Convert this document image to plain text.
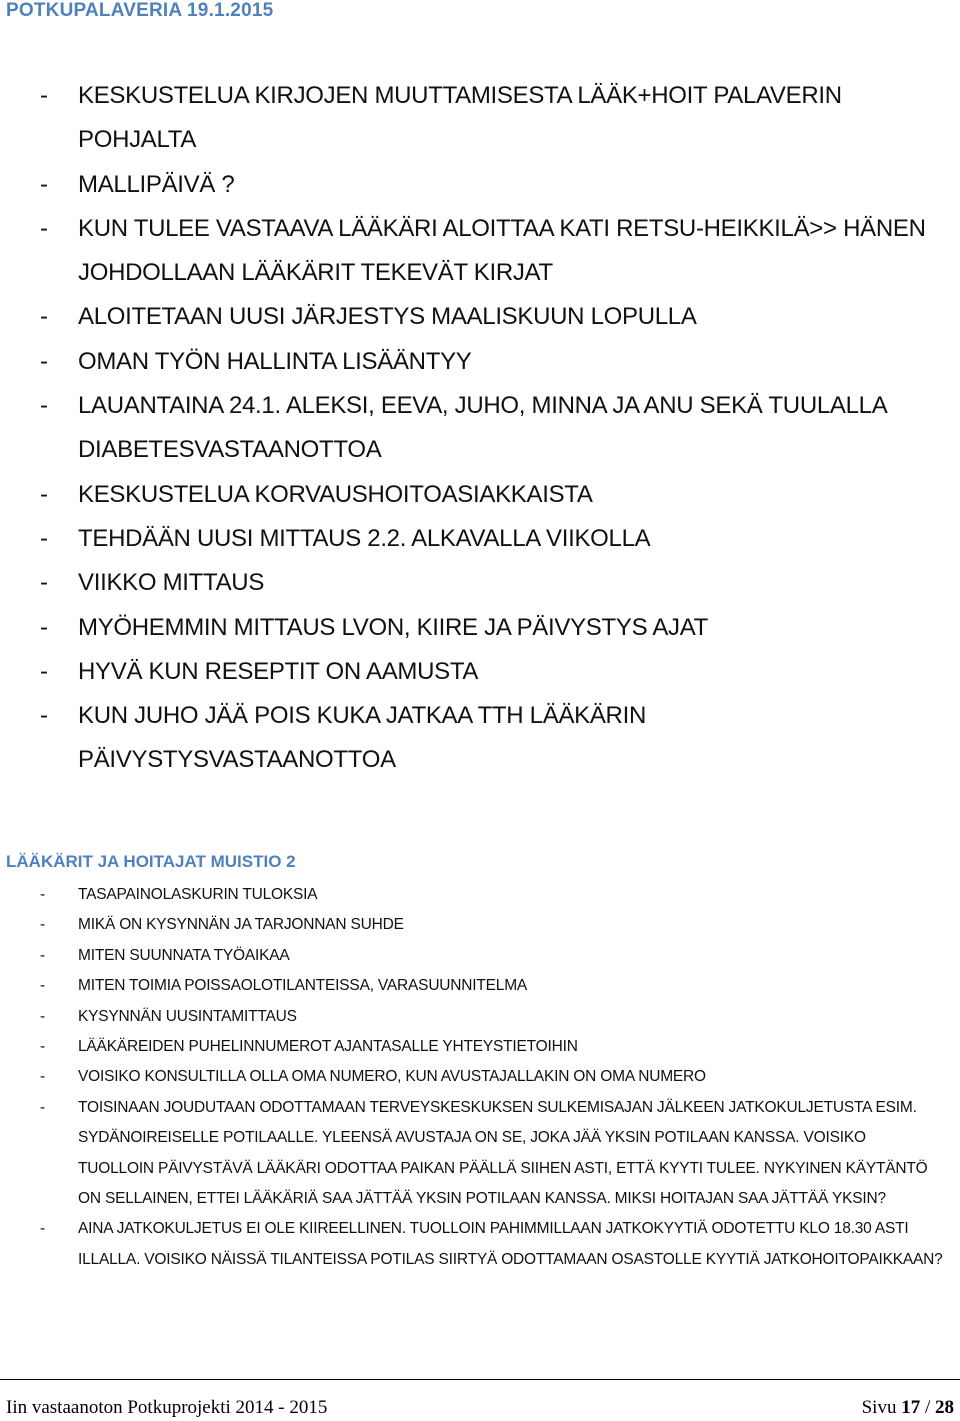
POTKUPALAVERIA 19.1.2015
- KESKUSTELUA KIRJOJEN MUUTTAMISESTA LÄÄK+HOIT PALAVERIN POHJALTA
- MALLIPÄIVÄ ?
- KUN TULEE VASTAAVA LÄÄKÄRI ALOITTAA KATI RETSU-HEIKKILÄ>> HÄNEN JOHDOLLAAN LÄÄKÄRIT TEKEVÄT KIRJAT
- ALOITETAAN UUSI JÄRJESTYS MAALISKUUN LOPULLA
- OMAN TYÖN HALLINTA LISÄÄNTYY
- LAUANTAINA 24.1. ALEKSI, EEVA, JUHO, MINNA JA ANU SEKÄ TUULALLA DIABETESVASTAANOTTOA
- KESKUSTELUA KORVAUSHOITOASIAKKAISTA
- TEHDÄÄN UUSI MITTAUS 2.2. ALKAVALLA VIIKOLLA
- VIIKKO MITTAUS
- MYÖHEMMIN MITTAUS LVON, KIIRE JA PÄIVYSTYS AJAT
- HYVÄ KUN RESEPTIT ON AAMUSTA
- KUN JUHO JÄÄ POIS KUKA JATKAA TTH LÄÄKÄRIN PÄIVYSTYSVASTAANOTTOA
LÄÄKÄRIT JA HOITAJAT MUISTIO 2
- TASAPAINOLASKURIN TULOKSIA
- MIKÄ ON KYSYNNÄN JA TARJONNAN SUHDE
- MITEN SUUNNATA TYÖAIKAA
- MITEN TOIMIA POISSAOLOTILANTEISSA, VARASUUNNITELMA
- KYSYNNÄN UUSINTAMITTAUS
- LÄÄKÄREIDEN PUHELINNUMEROT AJANTASALLE YHTEYSTIETOIHIN
- VOISIKO KONSULTILLA OLLA OMA NUMERO, KUN AVUSTAJALLAKIN ON OMA NUMERO
- TOISINAAN JOUDUTAAN ODOTTAMAAN TERVEYSKESKUKSEN SULKEMISAJAN JÄLKEEN JATKOKULJETUSTA ESIM. SYDÄNOIREISELLE POTILAALLE. YLEENSÄ AVUSTAJA ON SE, JOKA JÄÄ YKSIN POTILAAN KANSSA. VOISIKO TUOLLOIN PÄIVYSTÄVÄ LÄÄKÄRI ODOTTAA PAIKAN PÄÄLLÄ SIIHEN ASTI, ETTÄ KYYTI TULEE. NYKYINEN KÄYTÄNTÖ ON SELLAINEN, ETTEI LÄÄKÄRIÄ SAA JÄTTÄÄ YKSIN POTILAAN KANSSA. MIKSI HOITAJAN SAA JÄTTÄÄ YKSIN?
- AINA JATKOKULJETUS EI OLE KIIREELLINEN. TUOLLOIN PAHIMMILLAAN JATKOKYYTIÄ ODOTETTU KLO 18.30 ASTI ILLALLA. VOISIKO NÄISSÄ TILANTEISSA POTILAS SIIRTYÄ ODOTTAMAAN OSASTOLLE KYYTIÄ JATKOHOITOPAIKKAAN?
Iin vastaanoton Potkuprojekti 2014 - 2015	Sivu 17 / 28
